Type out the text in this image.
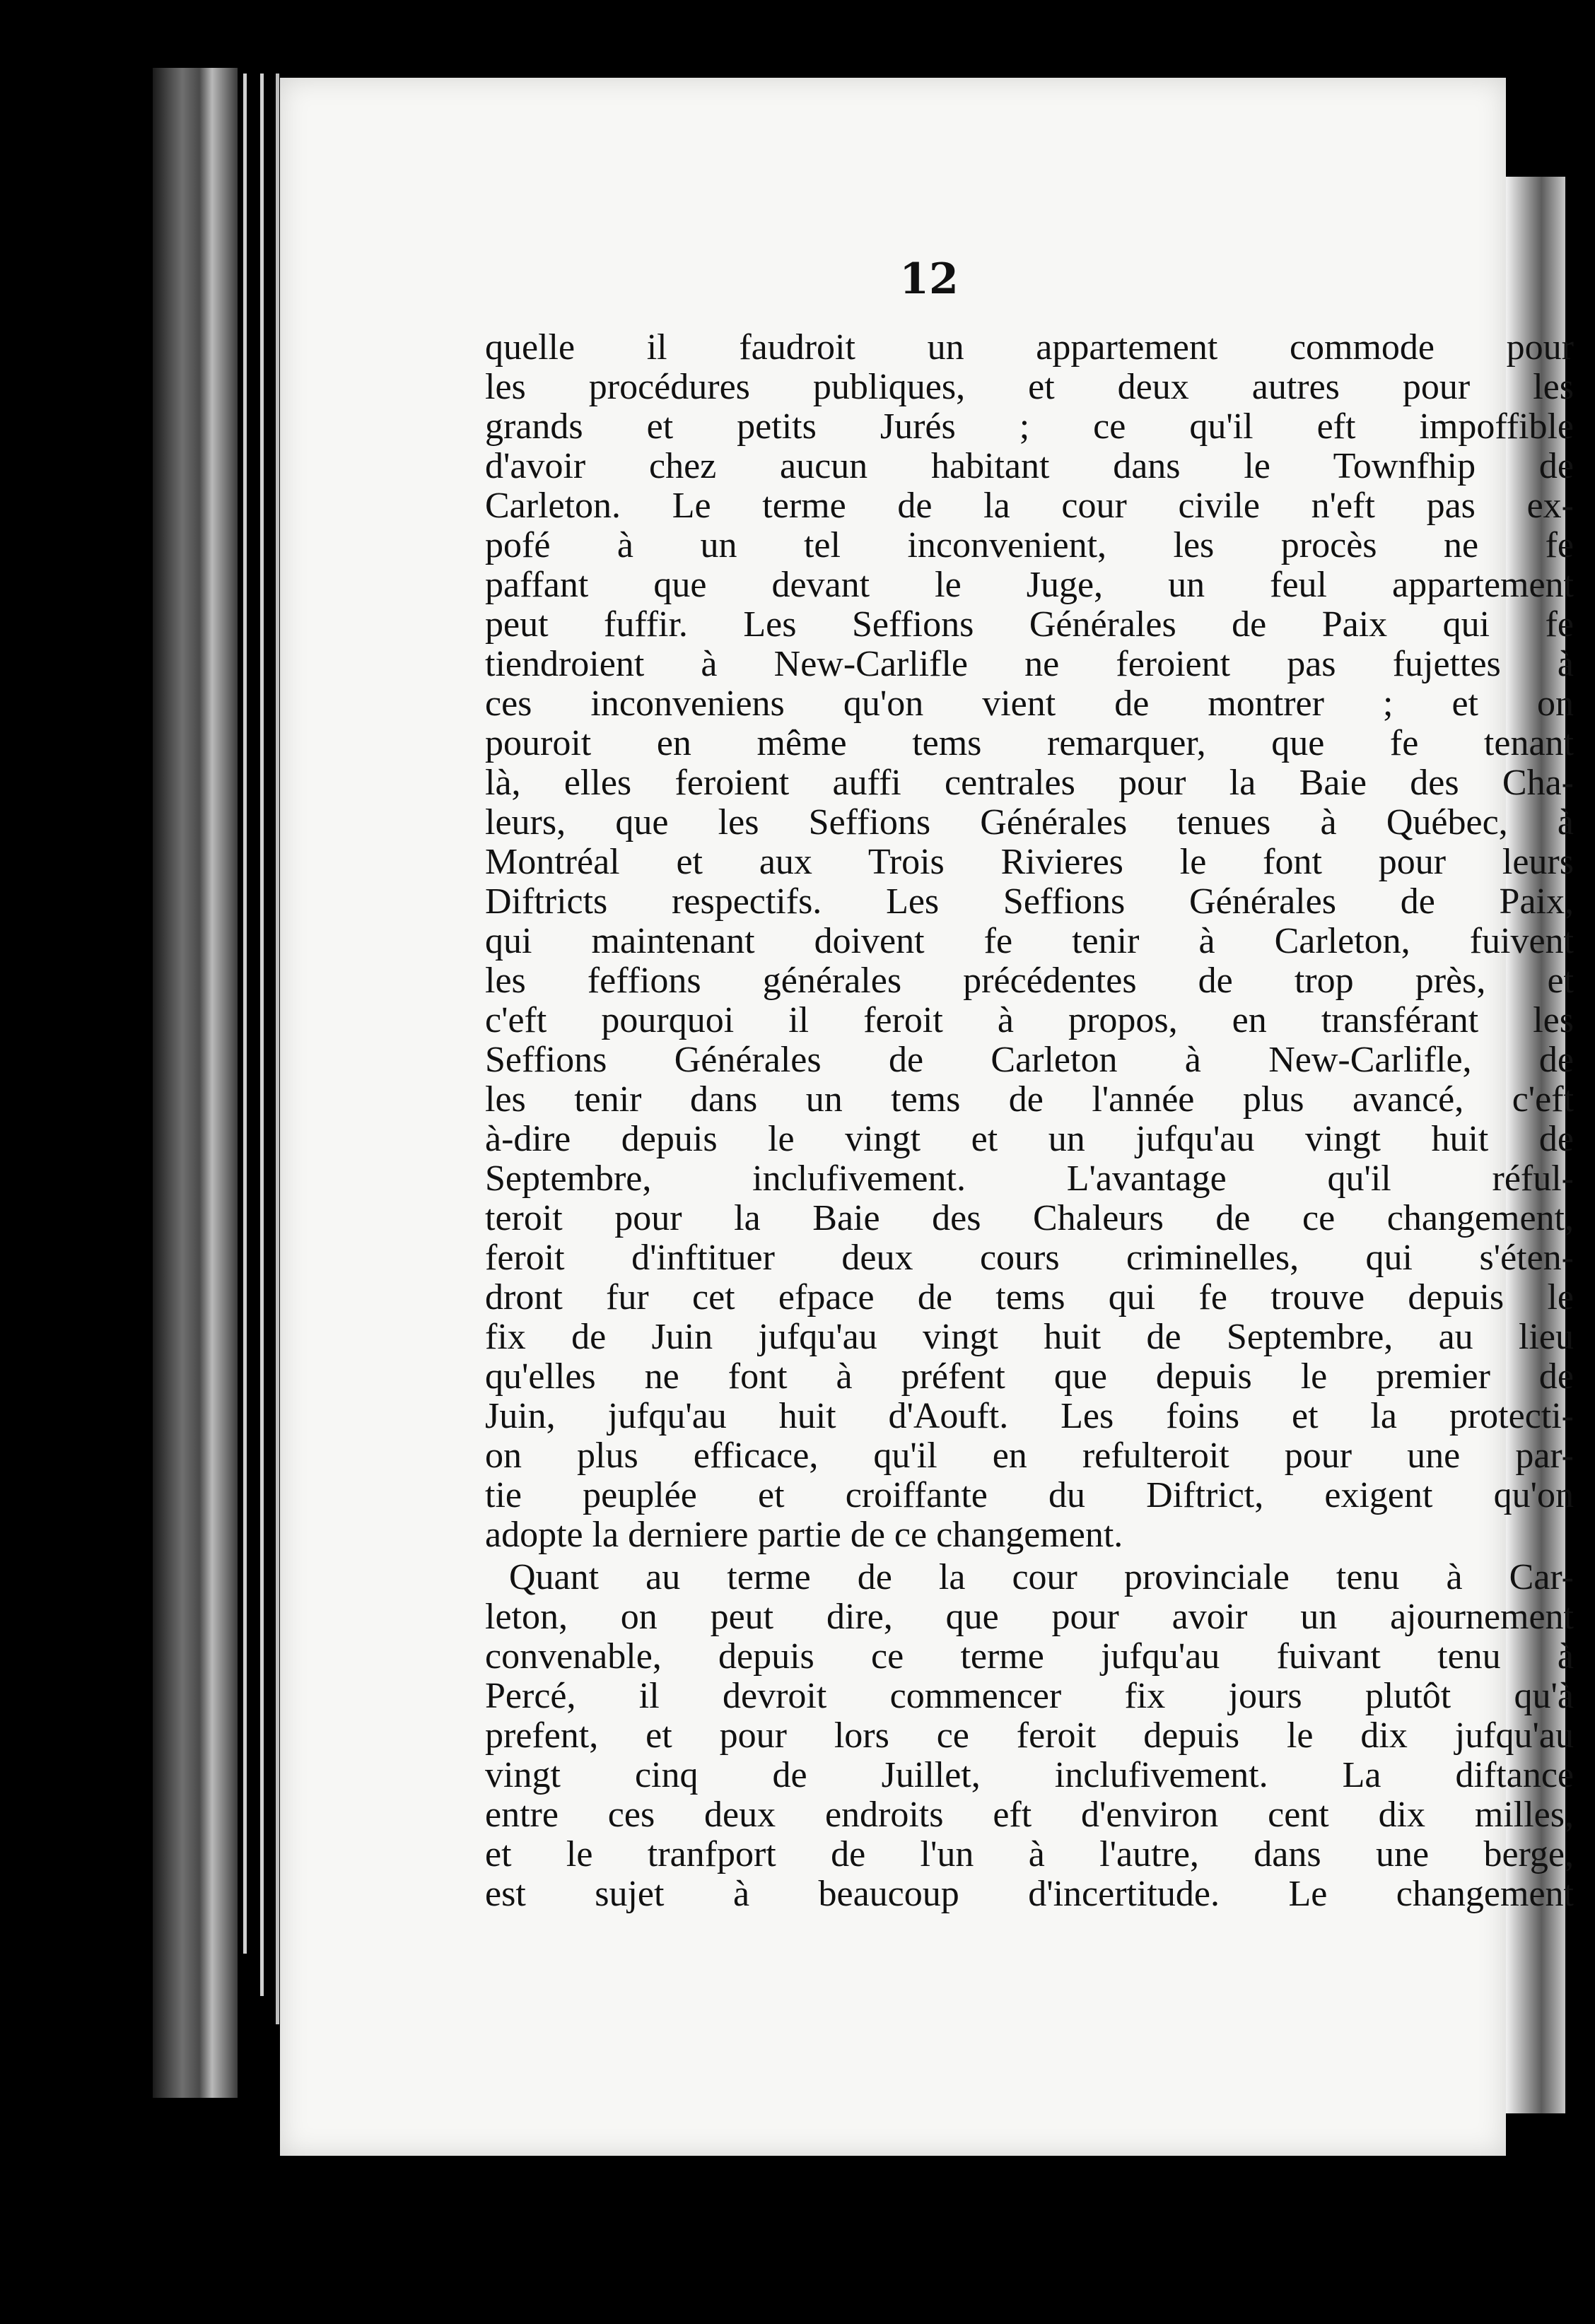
12
quelle il faudroit un appartement commode pour
les procédures publiques, et deux autres pour les
grands et petits Jurés ; ce qu'il eft impoffible
d'avoir chez aucun habitant dans le Townfhip de
Carleton. Le terme de la cour civile n'eft pas ex-
pofé à un tel inconvenient, les procès ne fe
paffant que devant le Juge, un feul appartement
peut fuffir. Les Seffions Générales de Paix qui fe
tiendroient à New-Carlifle ne feroient pas fujettes à
ces inconveniens qu'on vient de montrer ; et on
pouroit en même tems remarquer, que fe tenant
là, elles feroient auffi centrales pour la Baie des Cha-
leurs, que les Seffions Générales tenues à Québec, à
Montréal et aux Trois Rivieres le font pour leurs
Diftricts respectifs. Les Seffions Générales de Paix,
qui maintenant doivent fe tenir à Carleton, fuivent
les feffions générales précédentes de trop près, et
c'eft pourquoi il feroit à propos, en transférant les
Seffions Générales de Carleton à New-Carlifle, de
les tenir dans un tems de l'année plus avancé, c'eft
à-dire depuis le vingt et un jufqu'au vingt huit de
Septembre, inclufivement. L'avantage qu'il réful-
teroit pour la Baie des Chaleurs de ce changement,
feroit d'inftituer deux cours criminelles, qui s'éten-
dront fur cet efpace de tems qui fe trouve depuis le
fix de Juin jufqu'au vingt huit de Septembre, au lieu
qu'elles ne font à préfent que depuis le premier de
Juin, jufqu'au huit d'Aouft. Les foins et la protecti-
on plus efficace, qu'il en refulteroit pour une par-
tie peuplée et croiffante du Diftrict, exigent qu'on
adopte la derniere partie de ce changement.
Quant au terme de la cour provinciale tenu à Car-
leton, on peut dire, que pour avoir un ajournement
convenable, depuis ce terme jufqu'au fuivant tenu à
Percé, il devroit commencer fix jours plutôt qu'à
prefent, et pour lors ce feroit depuis le dix jufqu'au
vingt cinq de Juillet, inclufivement. La diftance
entre ces deux endroits eft d'environ cent dix milles,
et le tranfport de l'un à l'autre, dans une berge,
est sujet à beaucoup d'incertitude. Le changement
